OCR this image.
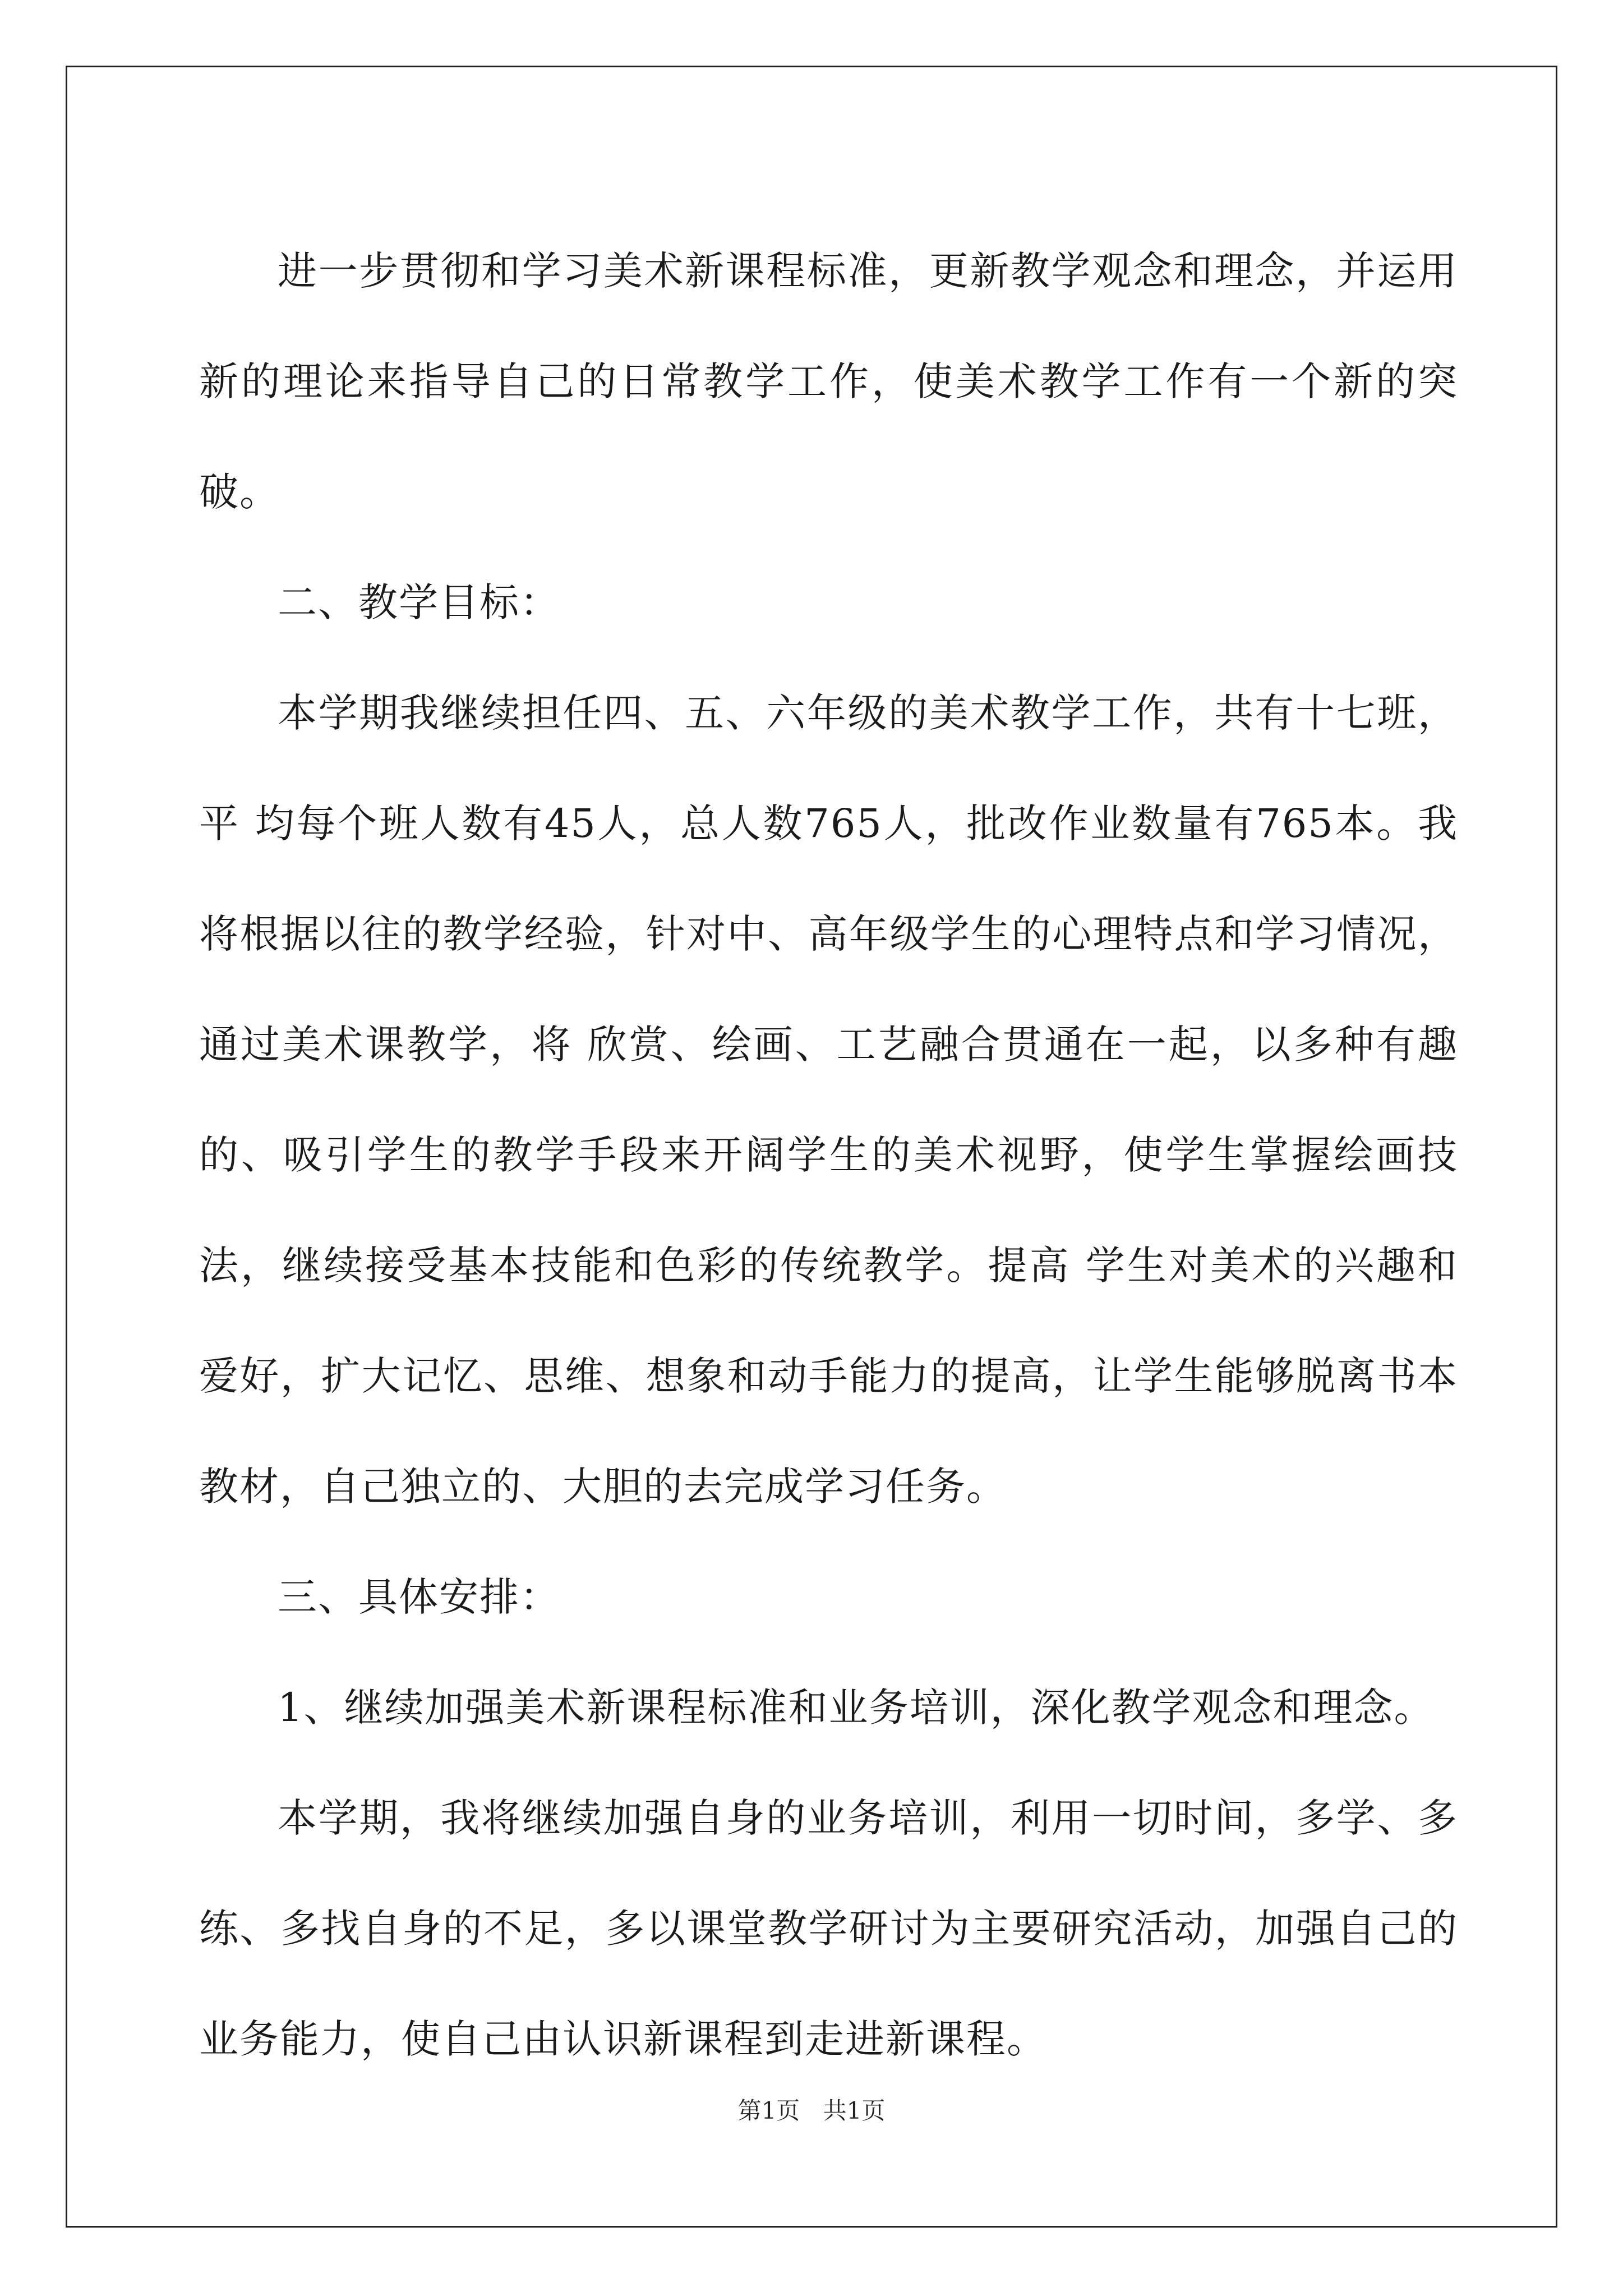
进一步贯彻和学习美术新课程标准，更新教学观念和理念，并运用新的理论来指导自己的日常教学工作，使美术教学工作有一个新的突破。

二、教学目标：

本学期我继续担任四、五、六年级的美术教学工作，共有十七班，平 均每个班人数有45人，总人数765人，批改作业数量有765本。我将根据以往的教学经验，针对中、高年级学生的心理特点和学习情况，通过美术课教学，将 欣赏、绘画、工艺融合贯通在一起，以多种有趣的、吸引学生的教学手段来开阔学生的美术视野，使学生掌握绘画技法，继续接受基本技能和色彩的传统教学。提高 学生对美术的兴趣和爱好，扩大记忆、思维、想象和动手能力的提高，让学生能够脱离书本教材，自己独立的、大胆的去完成学习任务。

三、具体安排：

1、继续加强美术新课程标准和业务培训，深化教学观念和理念。

本学期，我将继续加强自身的业务培训，利用一切时间，多学、多练、多找自身的不足，多以课堂教学研讨为主要研究活动，加强自己的业务能力，使自己由认识新课程到走进新课程。

第1页 共1页
